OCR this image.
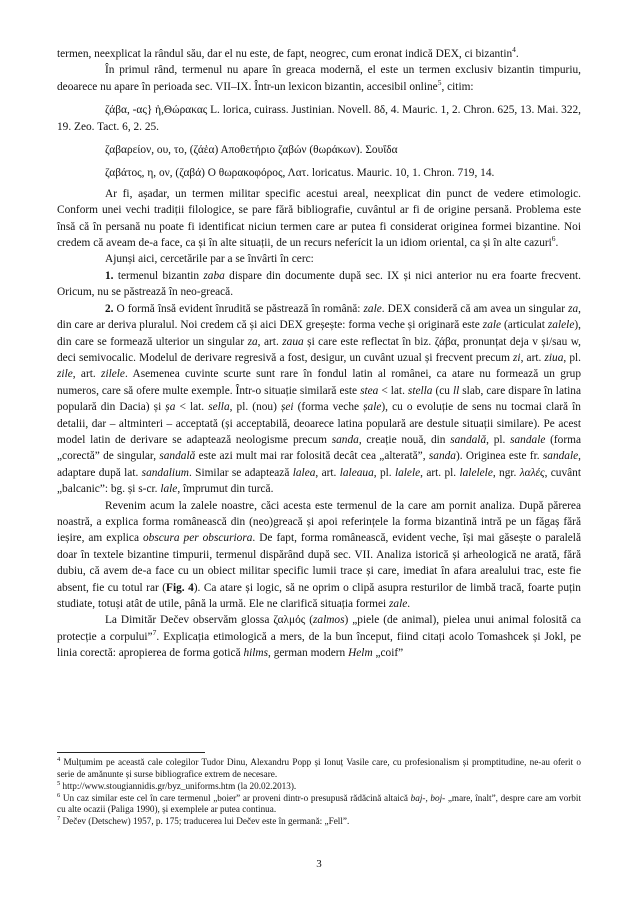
termen, neexplicat la rândul său, dar el nu este, de fapt, neogrec, cum eronat indică DEX, ci bizantin$^4$.

În primul rând, termenul nu apare în greaca modernă, el este un termen exclusiv bizantin timpuriu, deoarece nu apare în perioada sec. VII–IX. Într-un lexicon bizantin, accesibil online$^5$, citim:

ζάβα, -ας} ἡ,Θώρακας L. lorica, cuirass. Justinian. Novell. 8δ, 4. Mauric. 1, 2. Chron. 625, 13. Mai. 322, 19. Zeo. Tact. 6, 2. 25.

ζαβαρείον, ου, το, (ζάἑα) Αποθετήριο ζαβών (θωράκων). Σουΐδα

ζαβάτος, η, ον, (ζαβά) Ο θωρακοφόρος, Λατ. loricatus. Mauric. 10, 1. Chron. 719, 14.

Ar fi, așadar, un termen militar specific acestui areal, neexplicat din punct de vedere etimologic. Conform unei vechi tradiții filologice, se pare fără bibliografie, cuvântul ar fi de origine persană. Problema este însă că în persană nu poate fi identificat niciun termen care ar putea fi considerat originea formei bizantine. Noi credem că aveam de-a face, ca și în alte situații, de un recurs neferícit la un idiom oriental, ca și în alte cazuri$^6$.

Ajunși aici, cercetările par a se învârti în cerc:

1. termenul bizantin zaba dispare din documente după sec. IX și nici anterior nu era foarte frecvent. Oricum, nu se păstrează în neo-greacă.

2. O formă însă evident înrudită se păstrează în română: zale. DEX consideră că am avea un singular za, din care ar deriva pluralul. Noi credem că și aici DEX greșește: forma veche și originară este zale (articulat zalele), din care se formează ulterior un singular za, art. zaua și care este reflectat în biz. ζάβα, pronunțat deja v și/sau w, deci semivocalic. Modelul de derivare regresivă a fost, desigur, un cuvânt uzual și frecvent precum zi, art. ziua, pl. zile, art. zilele. Asemenea cuvinte scurte sunt rare în fondul latin al românei, ca atare nu formează un grup numeros, care să ofere multe exemple. Într-o situație similară este stea < lat. stella (cu ll slab, care dispare în latina populară din Dacia) și șa < lat. sella, pl. (nou) șei (forma veche șale), cu o evoluție de sens nu tocmai clară în detalii, dar – altminteri – acceptată (și acceptabilă, deoarece latina populară are destule situații similare). Pe acest model latin de derivare se adaptează neologisme precum sanda, creație nouă, din sandală, pl. sandale (forma „corectă” de singular, sandală este azi mult mai rar folosită decât cea „alterată”, sanda). Originea este fr. sandale, adaptare după lat. sandalium. Similar se adaptează lalea, art. laleaua, pl. lalele, art. pl. lalelele, ngr. λαλές, cuvânt „balcanic”: bg. și s-cr. lale, împrumut din turcă.

Revenim acum la zalele noastre, căci acesta este termenul de la care am pornit analiza. După părerea noastră, a explica forma românească din (neo)greacă și apoi referințele la forma bizantină intră pe un făgaș fără ieșire, am explica obscura per obscuriora. De fapt, forma românească, evident veche, își mai găsește o paralelă doar în textele bizantine timpurii, termenul dispărând după sec. VII. Analiza istorică și arheologică ne arată, fără dubiu, că avem de-a face cu un obiect militar specific lumii trace și care, imediat în afara arealului trac, este fie absent, fie cu totul rar (Fig. 4). Ca atare și logic, să ne oprim o clipă asupra resturilor de limbă tracă, foarte puțin studiate, totuși atât de utile, până la urmă. Ele ne clarifică situația formei zale.

La Dimităr Dečev observăm glossa ζαλμός (zalmos) „piele (de animal), pielea unui animal folosită ca protecție a corpului”$^7$. Explicația etimologică a mers, de la bun început, fiind citați acolo Tomashcek și Jokl, pe linia corectă: apropierea de forma gotică hilms, german modern Helm „coif”

$^4$ Mulțumim pe această cale colegilor Tudor Dinu, Alexandru Popp și Ionuț Vasile care, cu profesionalism și promptitudine, ne-au oferit o serie de amănunte și surse bibliografice extrem de necesare.

$^5$ http://www.stougiannidis.gr/byz_uniforms.htm (la 20.02.2013).

$^6$ Un caz similar este cel în care termenul „boier” ar proveni dintr-o presupusă rădăcină altaică baj-, boj- „mare, înalt”, despre care am vorbit cu alte ocazii (Paliga 1990), și exemplele ar putea continua.

$^7$ Dečev (Detschew) 1957, p. 175; traducerea lui Dečev este în germană: „Fell”.

3
